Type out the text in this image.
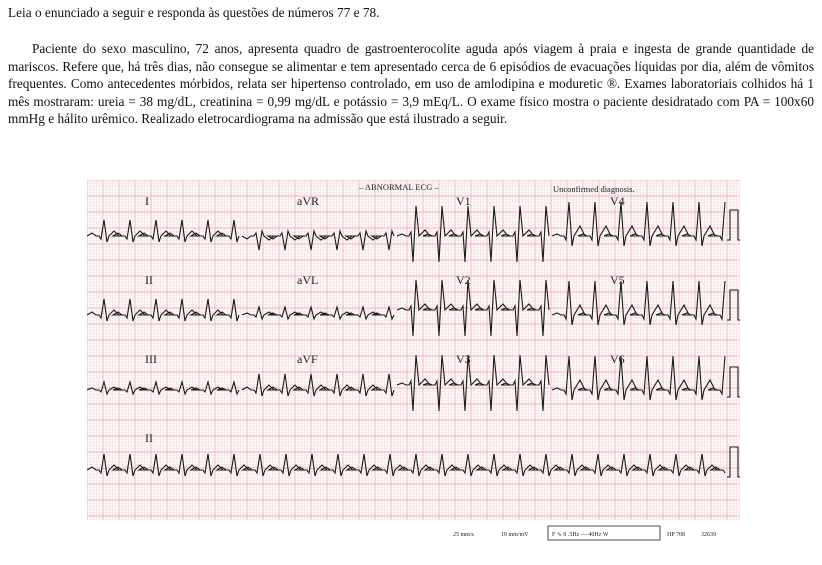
Leia o enunciado a seguir e responda às questões de números 77 e 78.
Paciente do sexo masculino, 72 anos, apresenta quadro de gastroenterocolite aguda após viagem à praia e ingesta de grande quantidade de mariscos. Refere que, há três dias, não consegue se alimentar e tem apresentado cerca de 6 episódios de evacuações líquidas por dia, além de vômitos frequentes. Como antecedentes mórbidos, relata ser hipertenso controlado, em uso de amlodipina e moduretic ®. Exames laboratoriais colhidos há 1 mês mostraram: ureia = 38 mg/dL, creatinina = 0,99 mg/dL e potássio = 3,9 mEq/L. O exame físico mostra o paciente desidratado com PA = 100x60 mmHg e hálito urêmico. Realizado eletrocardiograma na admissão que está ilustrado a seguir.
– ABNORMAL ECG –	Unconfirmed diagnosis.
I	aVR	V1	V4
II	aVL	V2	V5
III	aVF	V3	V6
II
25 mm/s	10 mm/mV	F ∿ 0 .5Hz — 40Hz W	HP 708	32639
